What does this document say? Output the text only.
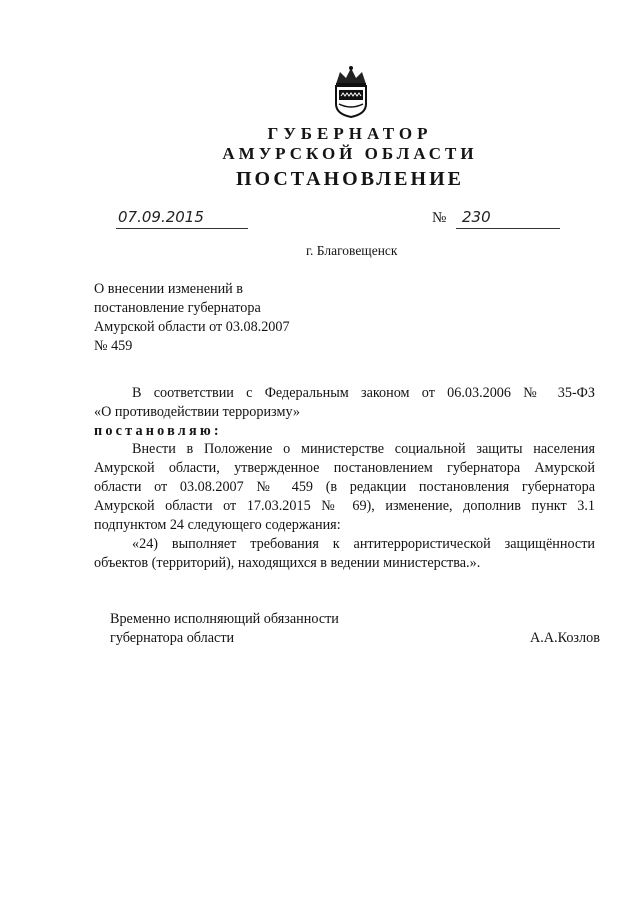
ГУБЕРНАТОР
АМУРСКОЙ ОБЛАСТИ
ПОСТАНОВЛЕНИЕ
07.09.2015	№ 230
г. Благовещенск
О внесении изменений в
постановление губернатора
Амурской области от 03.08.2007
№ 459
В соответствии с Федеральным законом от 06.03.2006 № 35-ФЗ
«О противодействии терроризму»
постановляю:
Внести в Положение о министерстве социальной защиты населения
Амурской области, утвержденное постановлением губернатора Амурской
области от 03.08.2007 № 459 (в редакции постановления губернатора
Амурской области от 17.03.2015 № 69), изменение, дополнив пункт 3.1
подпунктом 24 следующего содержания:
«24) выполняет требования к антитеррористической защищённости
объектов (территорий), находящихся в ведении министерства.».
Временно исполняющий обязанности
губернатора области	А.А.Козлов
